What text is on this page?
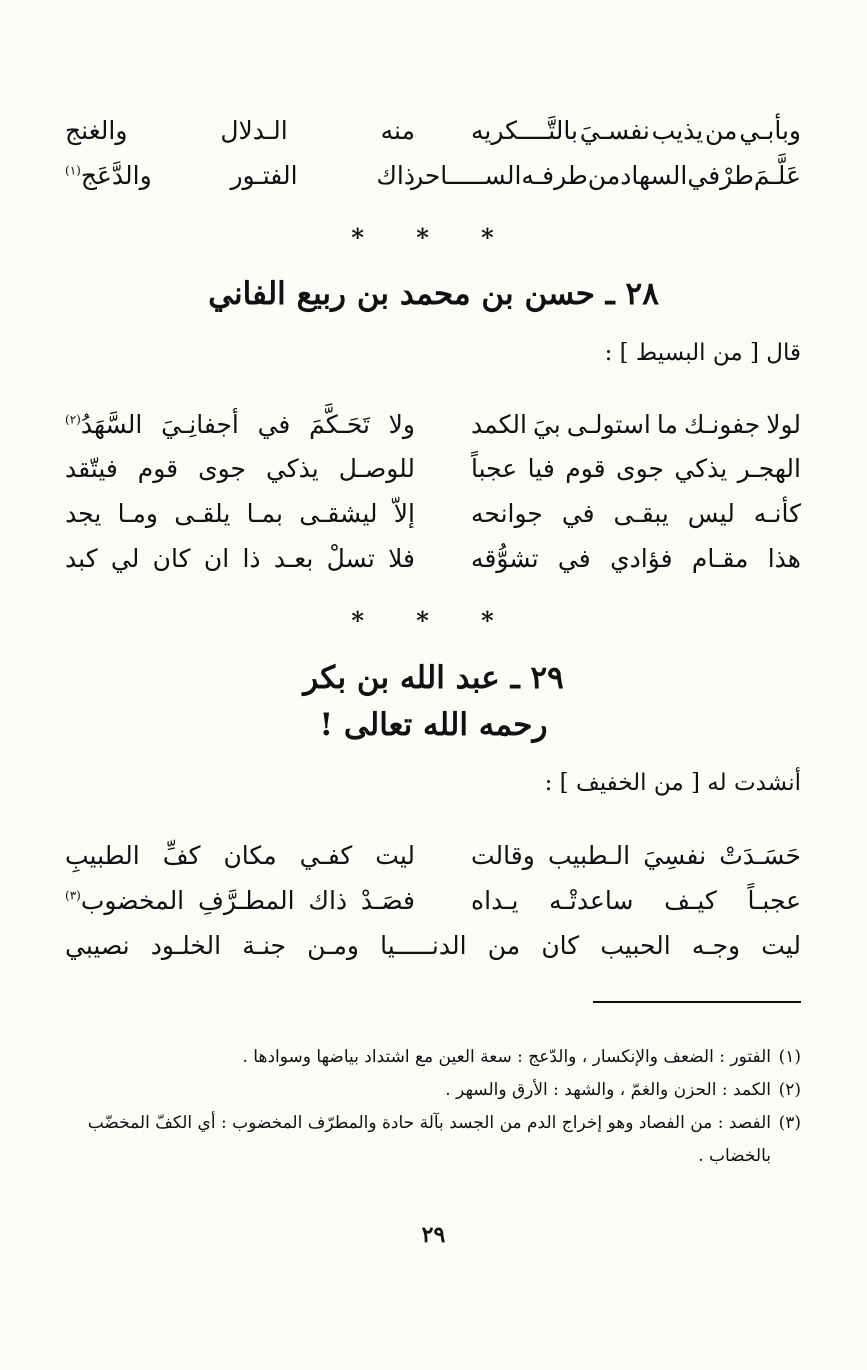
وبأبـي
من
يذيب
نفسـيَ
بالتَّــــكريه
منه
الـدلال
والغنج
عَلَّـمَ
طرْفي
السهاد
من
طرفـه
الســـــاحر
ذاك
الفتـور
والدَّعَج$^{(١)}$
* * *
٢٨ ـ حسن بن محمد بن ربيع الفاني
قال [ من البسيط ] :
لولا
جفونـك
ما
استولـى
بيَ
الكمد
ولا
تَحَـكَّمَ
في
أجفانِـيَ
السَّهَدُ$^{(٢)}$
الهجـر
يذكي
جوى
قوم
فيا
عجباً
للوصـل
يذكي
جوى
قوم
فيتّقد
كأنـه
ليس
يبقـى
في
جوانحه
إلاّ
ليشقـى
بمـا
يلقـى
ومـا
يجد
هذا
مقـام
فؤادي
في
تشوُّقه
فلا
تسلْ
بعـد
ذا
ان
كان
لي
كبد
* * *
٢٩ ـ عبد الله بن بكر
رحمه الله تعالى !
أنشدت له [ من الخفيف ] :
حَسَـدَتْ
نفسِيَ
الـطبيب
وقالت
ليت
كفـي
مكان
كفِّ
الطبيبِ
عجبـاً
كيـف
ساعدتْـه
يـداه
فصَـدْ
ذاك
المطـرَّفِ
المخضوب$^{(٣)}$
ليت
وجـه
الحبيب
كان
من
الدنـــــيا
ومـن
جنـة
الخلـود
نصيبي
(١)الفتور : الضعف والإنكسار ، والدّعج : سعة العين مع اشتداد بياضها وسوادها .
(٢)الكمد : الحزن والغمّ ، والشهد : الأرق والسهر .
(٣)الفصد : من الفصاد وهو إخراج الدم من الجسد بآلة حادة والمطرّف المخضوب : أي الكفّ المخضّب
بالخضاب .
٢٩
